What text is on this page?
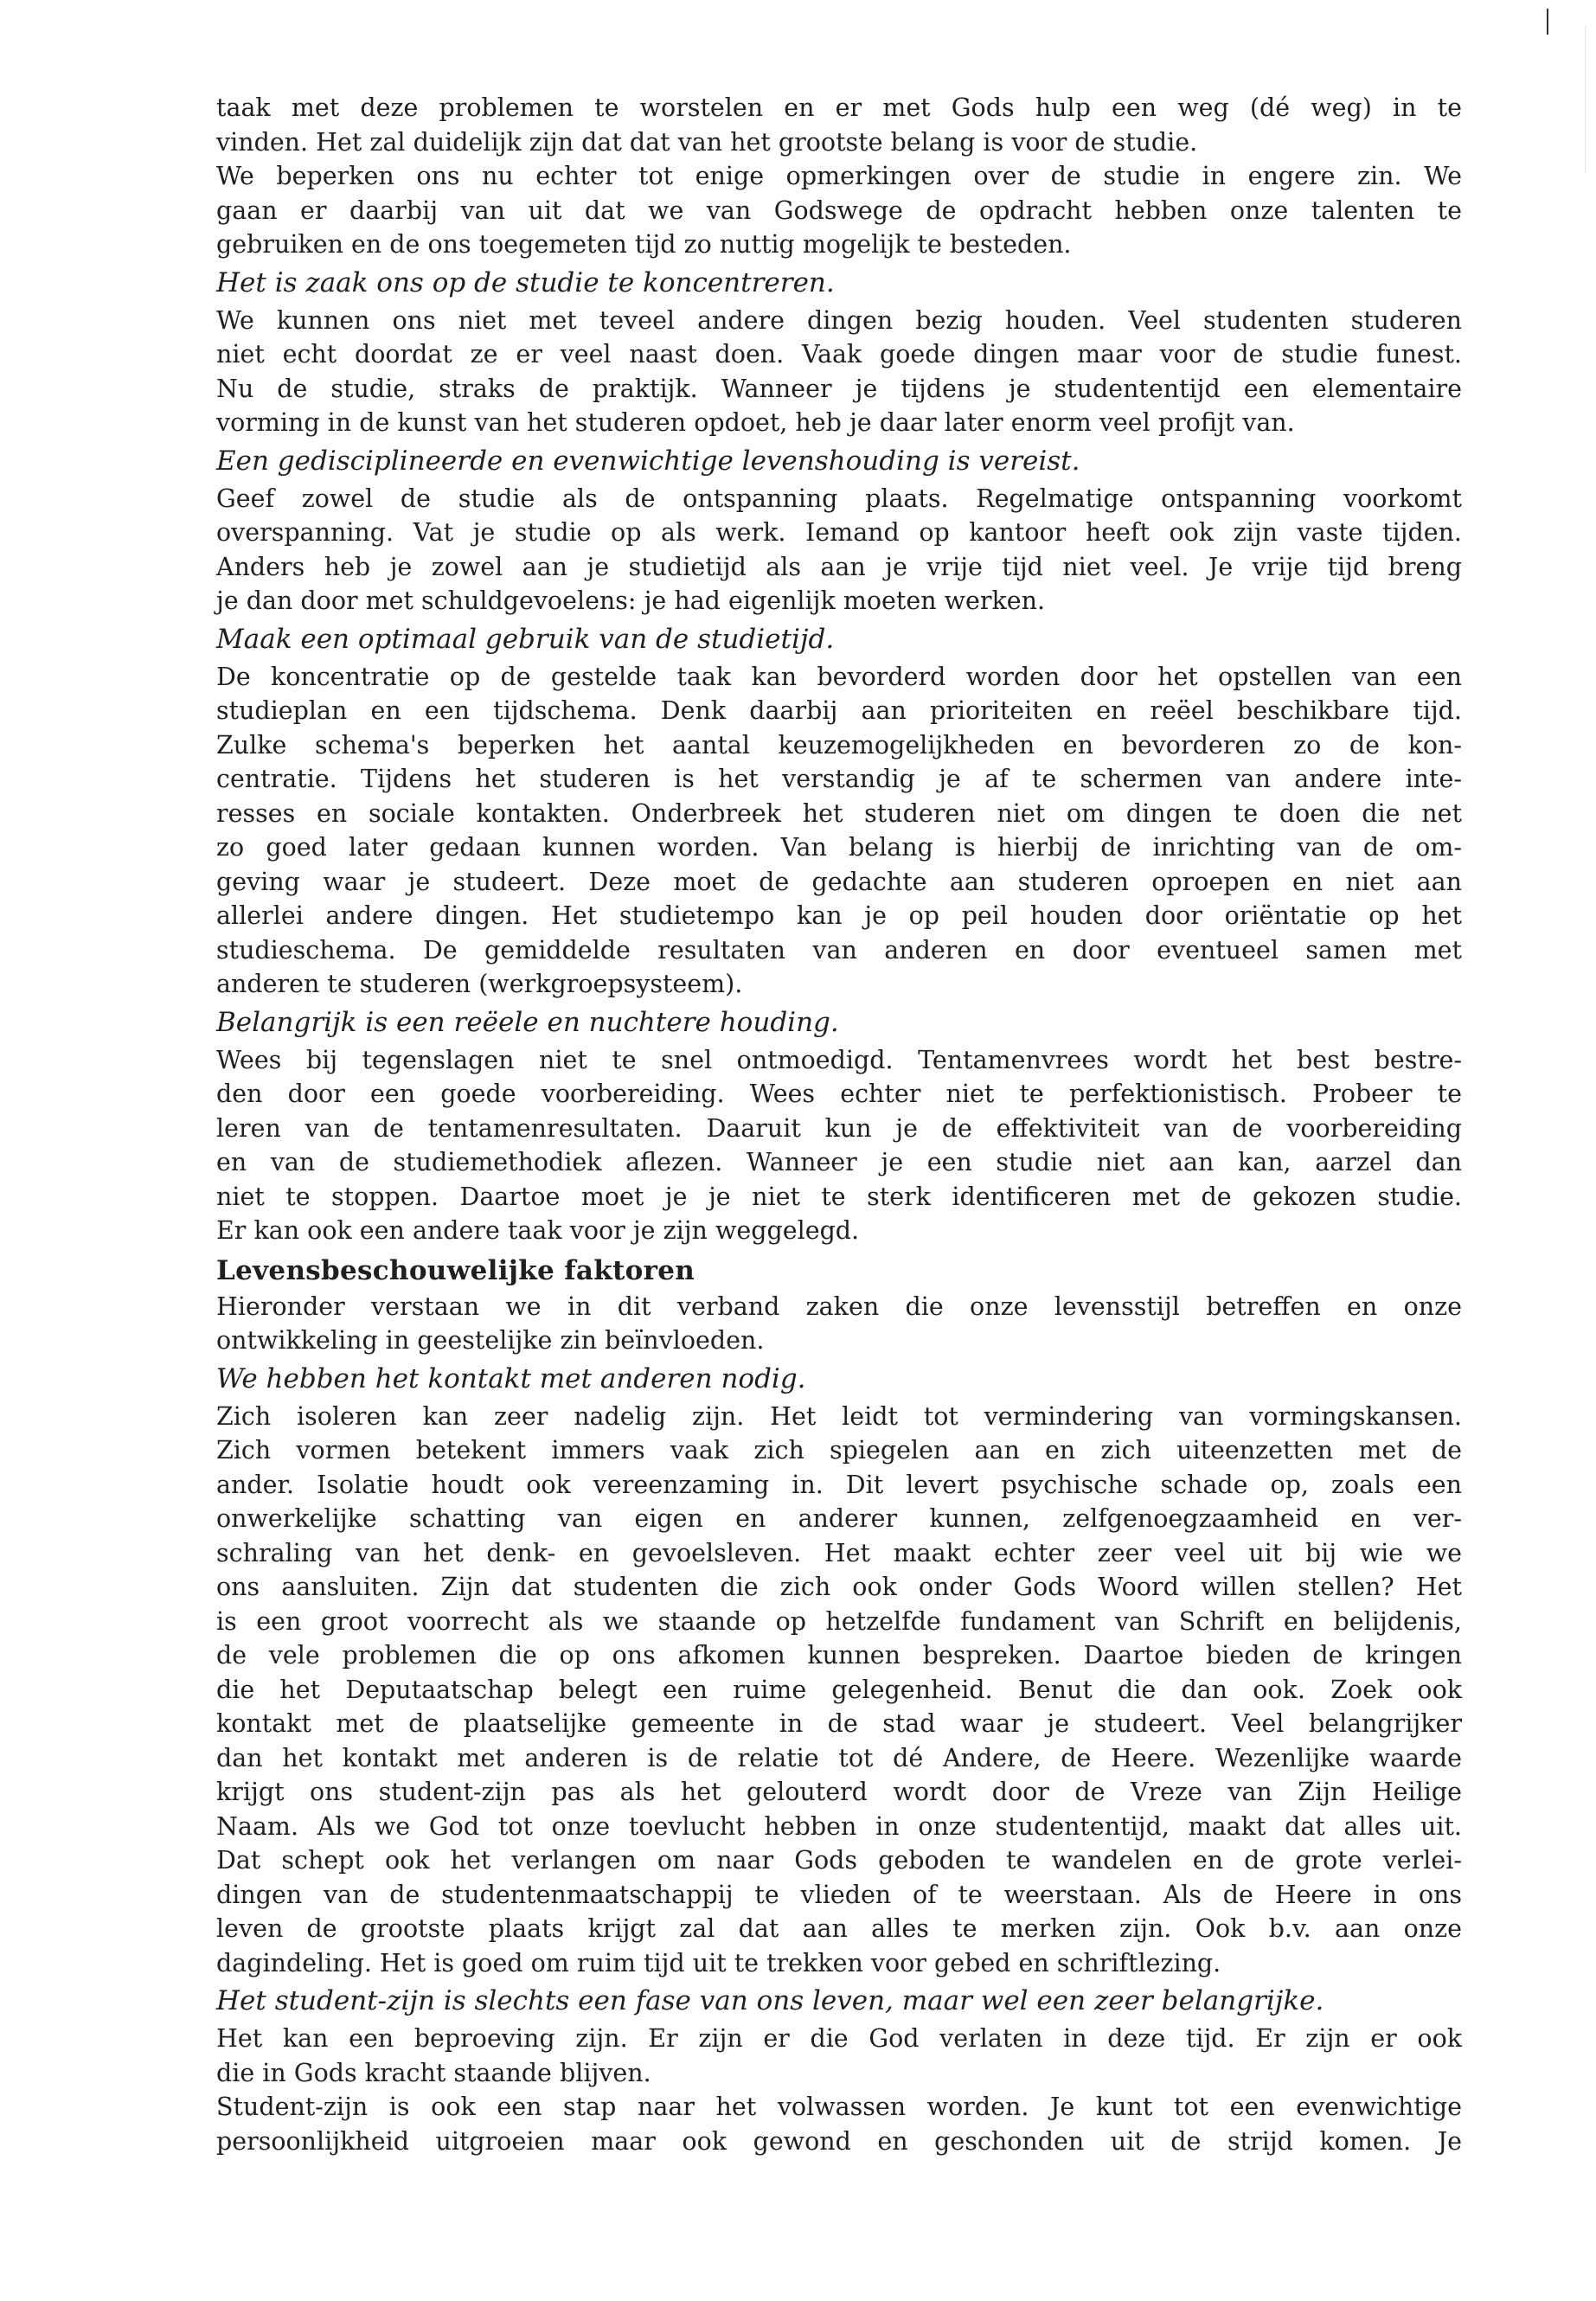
taak met deze problemen te worstelen en er met Gods hulp een weg (dé weg) in te
vinden. Het zal duidelijk zijn dat dat van het grootste belang is voor de studie.
We beperken ons nu echter tot enige opmerkingen over de studie in engere zin. We
gaan er daarbij van uit dat we van Godswege de opdracht hebben onze talenten te
gebruiken en de ons toegemeten tijd zo nuttig mogelijk te besteden.
Het is zaak ons op de studie te koncentreren.
We kunnen ons niet met teveel andere dingen bezig houden. Veel studenten studeren
niet echt doordat ze er veel naast doen. Vaak goede dingen maar voor de studie funest.
Nu de studie, straks de praktijk. Wanneer je tijdens je studententijd een elementaire
vorming in de kunst van het studeren opdoet, heb je daar later enorm veel profijt van.
Een gedisciplineerde en evenwichtige levenshouding is vereist.
Geef zowel de studie als de ontspanning plaats. Regelmatige ontspanning voorkomt
overspanning. Vat je studie op als werk. Iemand op kantoor heeft ook zijn vaste tijden.
Anders heb je zowel aan je studietijd als aan je vrije tijd niet veel. Je vrije tijd breng
je dan door met schuldgevoelens: je had eigenlijk moeten werken.
Maak een optimaal gebruik van de studietijd.
De koncentratie op de gestelde taak kan bevorderd worden door het opstellen van een
studieplan en een tijdschema. Denk daarbij aan prioriteiten en reëel beschikbare tijd.
Zulke schema's beperken het aantal keuzemogelijkheden en bevorderen zo de kon-
centratie. Tijdens het studeren is het verstandig je af te schermen van andere inte-
resses en sociale kontakten. Onderbreek het studeren niet om dingen te doen die net
zo goed later gedaan kunnen worden. Van belang is hierbij de inrichting van de om-
geving waar je studeert. Deze moet de gedachte aan studeren oproepen en niet aan
allerlei andere dingen. Het studietempo kan je op peil houden door oriëntatie op het
studieschema. De gemiddelde resultaten van anderen en door eventueel samen met
anderen te studeren (werkgroepsysteem).
Belangrijk is een reëele en nuchtere houding.
Wees bij tegenslagen niet te snel ontmoedigd. Tentamenvrees wordt het best bestre-
den door een goede voorbereiding. Wees echter niet te perfektionistisch. Probeer te
leren van de tentamenresultaten. Daaruit kun je de effektiviteit van de voorbereiding
en van de studiemethodiek aflezen. Wanneer je een studie niet aan kan, aarzel dan
niet te stoppen. Daartoe moet je je niet te sterk identificeren met de gekozen studie.
Er kan ook een andere taak voor je zijn weggelegd.
Levensbeschouwelijke faktoren
Hieronder verstaan we in dit verband zaken die onze levensstijl betreffen en onze
ontwikkeling in geestelijke zin beïnvloeden.
We hebben het kontakt met anderen nodig.
Zich isoleren kan zeer nadelig zijn. Het leidt tot vermindering van vormingskansen.
Zich vormen betekent immers vaak zich spiegelen aan en zich uiteenzetten met de
ander. Isolatie houdt ook vereenzaming in. Dit levert psychische schade op, zoals een
onwerkelijke schatting van eigen en anderer kunnen, zelfgenoegzaamheid en ver-
schraling van het denk- en gevoelsleven. Het maakt echter zeer veel uit bij wie we
ons aansluiten. Zijn dat studenten die zich ook onder Gods Woord willen stellen? Het
is een groot voorrecht als we staande op hetzelfde fundament van Schrift en belijdenis,
de vele problemen die op ons afkomen kunnen bespreken. Daartoe bieden de kringen
die het Deputaatschap belegt een ruime gelegenheid. Benut die dan ook. Zoek ook
kontakt met de plaatselijke gemeente in de stad waar je studeert. Veel belangrijker
dan het kontakt met anderen is de relatie tot dé Andere, de Heere. Wezenlijke waarde
krijgt ons student-zijn pas als het gelouterd wordt door de Vreze van Zijn Heilige
Naam. Als we God tot onze toevlucht hebben in onze studententijd, maakt dat alles uit.
Dat schept ook het verlangen om naar Gods geboden te wandelen en de grote verlei-
dingen van de studentenmaatschappij te vlieden of te weerstaan. Als de Heere in ons
leven de grootste plaats krijgt zal dat aan alles te merken zijn. Ook b.v. aan onze
dagindeling. Het is goed om ruim tijd uit te trekken voor gebed en schriftlezing.
Het student-zijn is slechts een fase van ons leven, maar wel een zeer belangrijke.
Het kan een beproeving zijn. Er zijn er die God verlaten in deze tijd. Er zijn er ook
die in Gods kracht staande blijven.
Student-zijn is ook een stap naar het volwassen worden. Je kunt tot een evenwichtige
persoonlijkheid uitgroeien maar ook gewond en geschonden uit de strijd komen. Je
